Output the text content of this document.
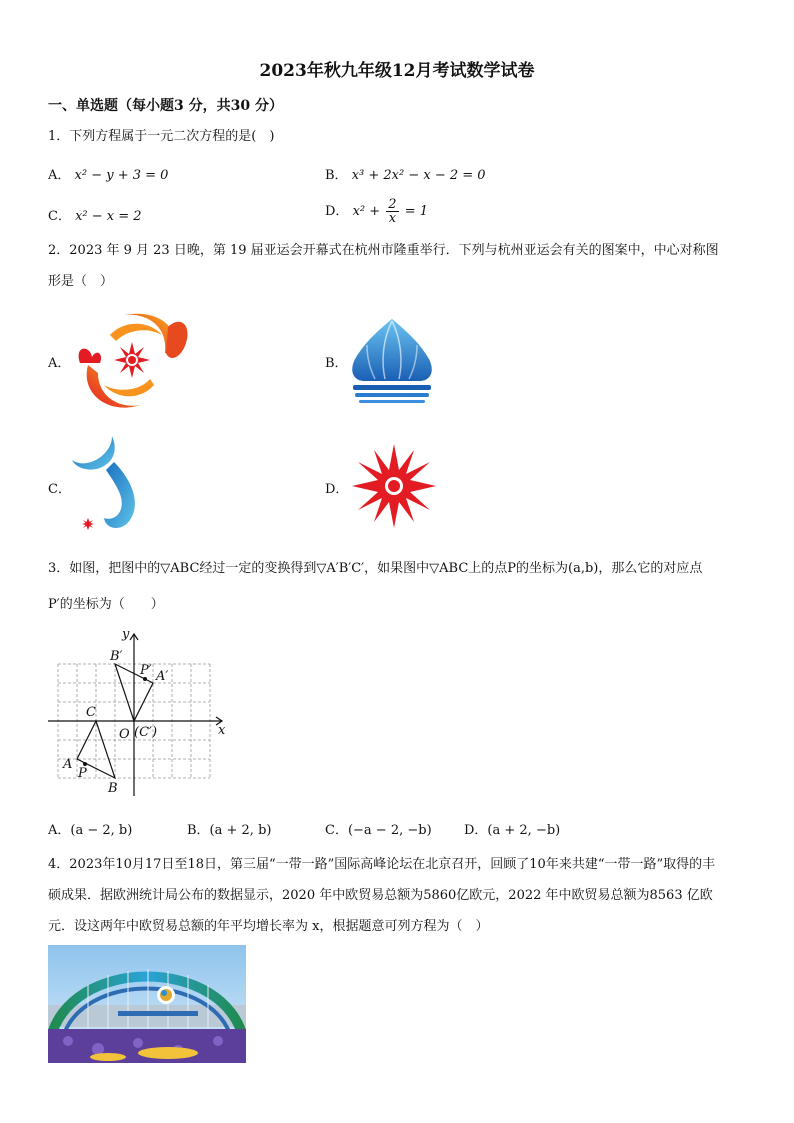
2023年秋九年级12月考试数学试卷
一、单选题（每小题3 分，共30 分）
1．下列方程属于一元二次方程的是(　)
A． x² − y + 3 = 0	B． x³ + 2x² − x − 2 = 0
C． x² − x = 2	D． $x^2 + \frac{2}{x} = 1$
2．2023 年 9 月 23 日晚，第 19 届亚运会开幕式在杭州市隆重举行．下列与杭州亚运会有关的图案中，中心对称图
形是（　）
A．	B．
C．	D．
3．如图，把图中的▽ABC经过一定的变换得到▽A′B′C′，如果图中▽ABC上的点P的坐标为(a,b)，那么它的对应点
P′的坐标为（　　）
y
x
O (C′)
B′
P′ A′
C
A
P
B
A．(a − 2, b)	B．(a + 2, b)	C．(−a − 2, −b) D．(a + 2, −b)
4．2023年10月17日至18日，第三届“一带一路”国际高峰论坛在北京召开，回顾了10年来共建“一带一路”取得的丰
硕成果．据欧洲统计局公布的数据显示，2020 年中欧贸易总额为5860亿欧元，2022 年中欧贸易总额为8563 亿欧
元．设这两年中欧贸易总额的年平均增长率为 x，根据题意可列方程为（　）
